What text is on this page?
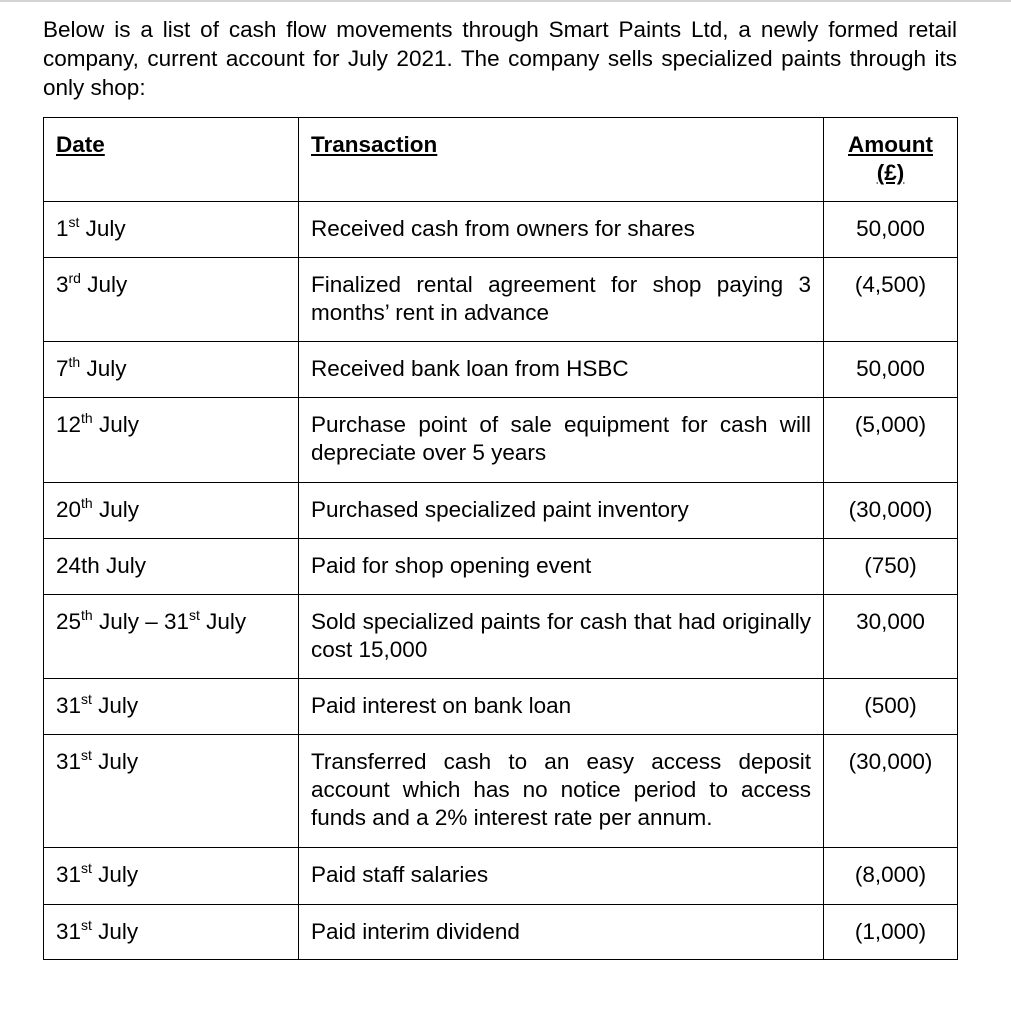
Below is a list of cash flow movements through Smart Paints Ltd, a newly formed retail company, current account for July 2021. The company sells specialized paints through its only shop:
Date	Transaction	Amount
(£)

1st July	Received cash from owners for shares	50,000
3rd July	Finalized rental agreement for shop paying 3 months’ rent in advance	(4,500)
7th July	Received bank loan from HSBC	50,000
12th July	Purchase point of sale equipment for cash will depreciate over 5 years	(5,000)
20th July	Purchased specialized paint inventory	(30,000)
24th July	Paid for shop opening event	(750)
25th July – 31st July	Sold specialized paints for cash that had originally cost 15,000	30,000
31st July	Paid interest on bank loan	(500)
31st July	Transferred cash to an easy access deposit account which has no notice period to access funds and a 2% interest rate per annum.	(30,000)
31st July	Paid staff salaries	(8,000)
31st July	Paid interim dividend	(1,000)
